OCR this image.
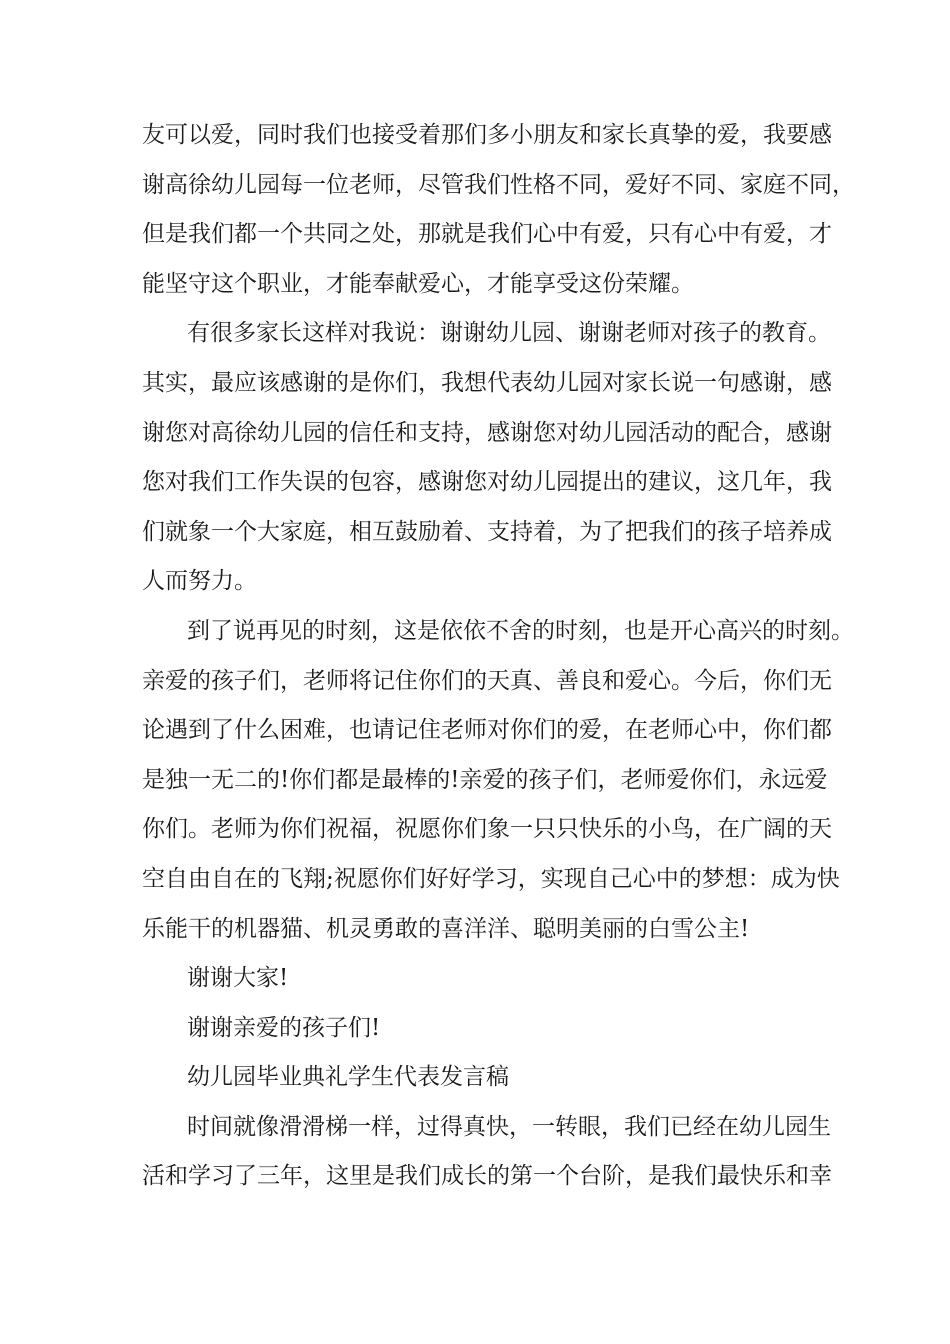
友可以爱，同时我们也接受着那们多小朋友和家长真挚的爱，我要感
谢高徐幼儿园每一位老师，尽管我们性格不同，爱好不同、家庭不同，
但是我们都一个共同之处，那就是我们心中有爱，只有心中有爱，才
能坚守这个职业，才能奉献爱心，才能享受这份荣耀。
有很多家长这样对我说：谢谢幼儿园、谢谢老师对孩子的教育。
其实，最应该感谢的是你们，我想代表幼儿园对家长说一句感谢，感
谢您对高徐幼儿园的信任和支持，感谢您对幼儿园活动的配合，感谢
您对我们工作失误的包容，感谢您对幼儿园提出的建议，这几年，我
们就象一个大家庭，相互鼓励着、支持着，为了把我们的孩子培养成
人而努力。
到了说再见的时刻，这是依依不舍的时刻，也是开心高兴的时刻。
亲爱的孩子们，老师将记住你们的天真、善良和爱心。今后，你们无
论遇到了什么困难，也请记住老师对你们的爱，在老师心中，你们都
是独一无二的!你们都是最棒的!亲爱的孩子们，老师爱你们，永远爱
你们。老师为你们祝福，祝愿你们象一只只快乐的小鸟，在广阔的天
空自由自在的飞翔;祝愿你们好好学习，实现自己心中的梦想：成为快
乐能干的机器猫、机灵勇敢的喜洋洋、聪明美丽的白雪公主!
谢谢大家!
谢谢亲爱的孩子们!
幼儿园毕业典礼学生代表发言稿
时间就像滑滑梯一样，过得真快，一转眼，我们已经在幼儿园生
活和学习了三年，这里是我们成长的第一个台阶，是我们最快乐和幸
